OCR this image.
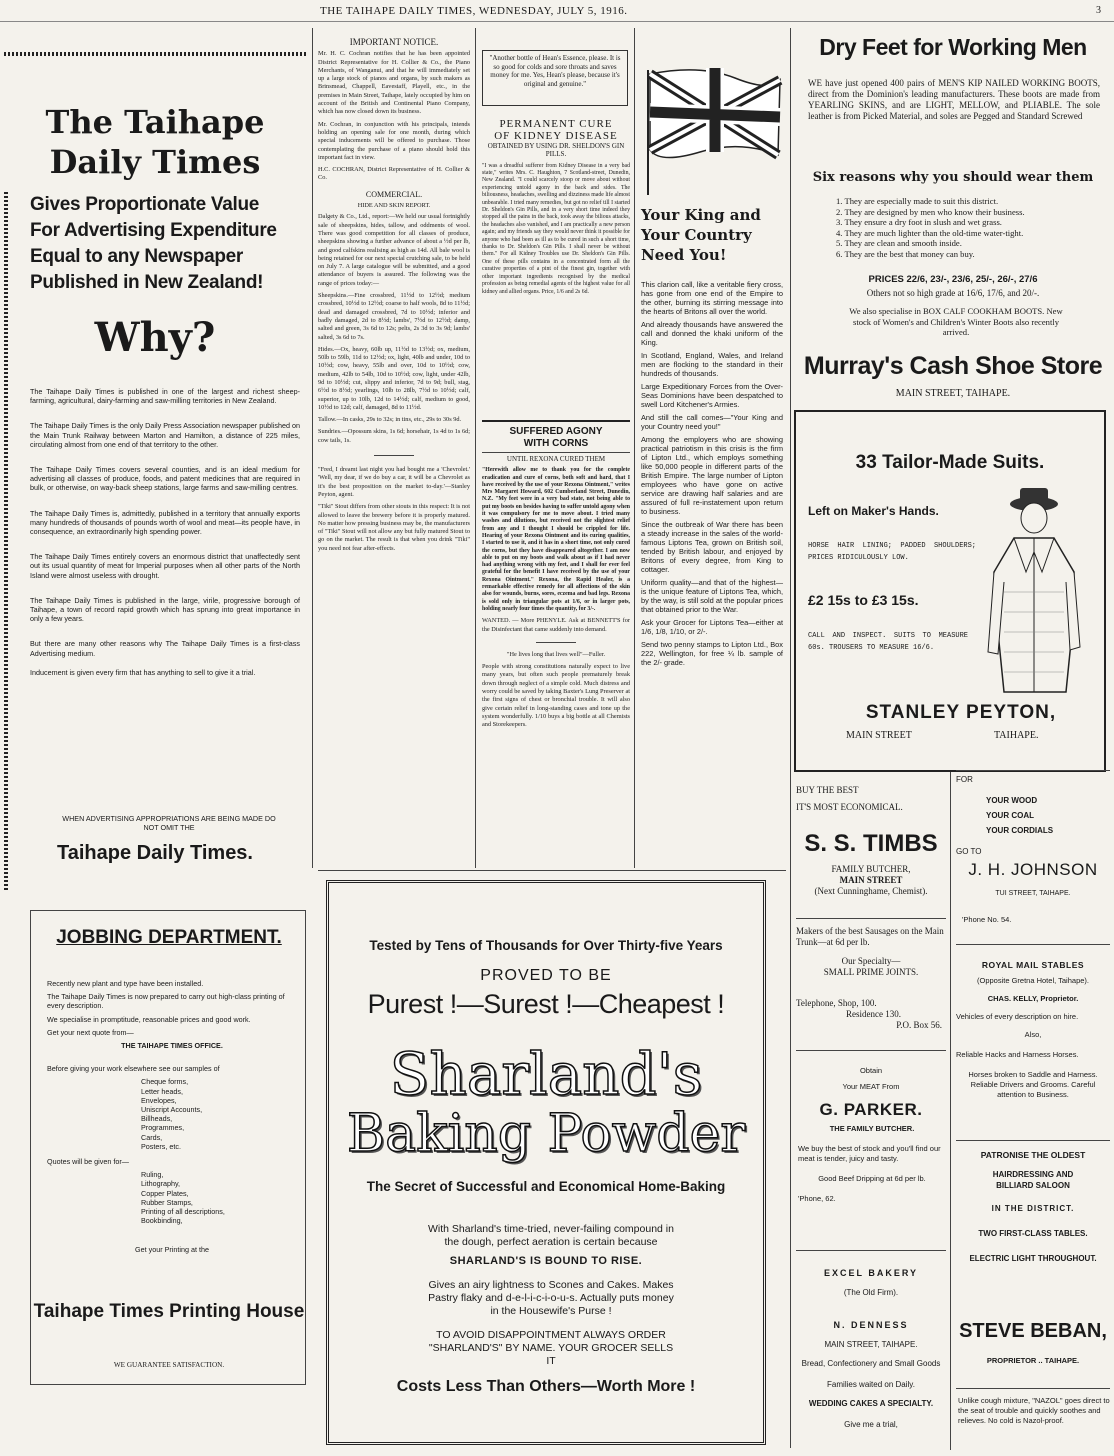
THE TAIHAPE DAILY TIMES, WEDNESDAY, JULY 5, 1916.	3
The Taihape
Daily Times
Gives Proportionate Value
For Advertising Expenditure
Equal to any Newspaper
Published in New Zealand!
Why?

The Taihape Daily Times is published in one of the largest and richest sheep-farming, agricultural, dairy-farming and saw-milling territories in New Zealand.

The Taihape Daily Times is the only Daily Press Association newspaper published on the Main Trunk Railway between Marton and Hamilton, a distance of 225 miles, circulating almost from one end of that territory to the other.

The Taihape Daily Times covers several counties, and is an ideal medium for advertising all classes of produce, foods, and patent medicines that are required in bulk, or otherwise, on way-back sheep stations, large farms and saw-milling centres.

The Taihape Daily Times is, admittedly, published in a territory that annually exports many hundreds of thousands of pounds worth of wool and meat—its people have, in consequence, an extraordinarily high spending power.

The Taihape Daily Times entirely covers an enormous district that unaffectedly sent out its usual quantity of meat for Imperial purposes when all other parts of the North Island were almost useless with drought.

The Taihape Daily Times is published in the large, virile, progressive borough of Taihape, a town of record rapid growth which has sprung into great importance in only a few years.

But there are many other reasons why The Taihape Daily Times is a first-class Advertising medium.

Inducement is given every firm that has anything to sell to give it a trial.

WHEN ADVERTISING APPROPRIATIONS ARE BEING MADE DO NOT OMIT THE
Taihape Daily Times.
JOBBING DEPARTMENT.

Recently new plant and type have been installed.

The Taihape Daily Times is now prepared to carry out high-class printing of every description.

We specialise in promptitude, reasonable prices and good work.

Get your next quote from—

THE TAIHAPE TIMES OFFICE.

Before giving your work elsewhere see our samples of

Cheque forms,
Letter heads,
Envelopes,
Uniscript Accounts,
Billheads,
Programmes,
Cards,
Posters, etc.

Quotes will be given for—

Ruling,
Lithography,
Copper Plates,
Rubber Stamps,
Printing of all descriptions,
Bookbinding,

Get your Printing at the

Taihape Times Printing House
WE GUARANTEE SATISFACTION.
IMPORTANT NOTICE.

Mr. H. C. Cochran notifies that he has been appointed District Representative for H. Collier & Co., the Piano Merchants, of Wanganui, and that he will immediately set up a large stock of pianos and organs, by such makers as Brinsmead, Chappell, Eavestaff, Playell, etc., in the premises in Main Street, Taihape, lately occupied by him on account of the British and Continental Piano Company, which has now closed down its business.

Mr. Cochran, in conjunction with his principals, intends holding an opening sale for one month, during which special inducements will be offered to purchase. Those contemplating the purchase of a piano should hold this important fact in view.

H.C. COCHRAN, District Representative of H. Collier & Co.

COMMERCIAL.
HIDE AND SKIN REPORT.

Dalgety & Co., Ltd., report:—We held our usual fortnightly sale of sheepskins, hides, tallow, and oddments of wool. There was good competition for all classes of produce, sheepskins showing a further advance of about a ½d per lb, and good calfskins realising as high as 14d. All bale wool is being retained for our next special crutching sale, to be held on July 7. A large catalogue will be submitted, and a good attendance of buyers is assured. The following was the range of prices today:—

Sheepskins.—Fine crossbred, 11½d to 12½d; medium crossbred, 10½d to 12½d; coarse to half wools, 8d to 11½d; dead and damaged crossbred, 7d to 10½d; inferior and badly damaged, 2d to 8½d; lambs', 7½d to 12½d; damp, salted and green, 3s 6d to 12s; pelts, 2s 3d to 3s 9d; lambs' salted, 3s 6d to 7s.

Hides.—Ox, heavy, 60lb up, 11½d to 13½d; ox, medium, 50lb to 59lb, 11d to 12½d; ox, light, 40lb and under, 10d to 10½d; cow, heavy, 55lb and over, 10d to 10½d; cow, medium, 42lb to 54lb, 10d to 10½d; cow, light, under 42lb, 9d to 10½d; cut, slippy and inferior, 7d to 9d; bull, stag, 6½d to 8½d; yearlings, 10lb to 28lb, 7½d to 10½d; calf, superior, up to 10lb, 12d to 14½d; calf, medium to good, 10½d to 12d; calf, damaged, 8d to 11½d.

Tallow.—In casks, 29s to 32s; in tins, etc., 29s to 30s 9d.

Sundries.—Opossum skins, 1s 6d; horsehair, 1s 4d to 1s 6d; cow tails, 1s.

"Fred, I dreamt last night you had bought me a 'Chevrolet.' 'Well, my dear, if we do buy a car, it will be a Chevrolet as it's the best proposition on the market to-day.'—Stanley Peyton, agent.

"Tiki" Stout differs from other stouts in this respect: It is not allowed to leave the brewery before it is properly matured. No matter how pressing business may be, the manufacturers of "Tiki" Stout will not allow any but fully matured Stout to go on the market. The result is that when you drink "Tiki" you need not fear after-effects.

"Another bottle of Hean's Essence, please. It is so good for colds and sore throats and saves money for me. Yes, Hean's please, because it's original and genuine."
PERMANENT CURE
OF KIDNEY DISEASE
OBTAINED BY USING DR. SHELDON'S GIN PILLS.

"I was a dreadful sufferer from Kidney Disease in a very bad state," writes Mrs. C. Haughton, 7 Scotland-street, Dunedin, New Zealand. "I could scarcely stoop or move about without experiencing untold agony in the back and sides. The biliousness, headaches, swelling and dizziness made life almost unbearable. I tried many remedies, but got no relief till I started Dr. Sheldon's Gin Pills, and in a very short time indeed they stopped all the pains in the back, took away the bilious attacks, the headaches also vanished, and I am practically a new person again; and my friends say they would never think it possible for anyone who had been as ill as to be cured in such a short time, thanks to Dr. Sheldon's Gin Pills. I shall never be without them." For all Kidney Troubles use Dr. Sheldon's Gin Pills. One of these pills contains in a concentrated form all the curative properties of a pint of the finest gin, together with other important ingredients recognised by the medical profession as being remedial agents of the highest value for all kidney and allied organs. Price, 1/6 and 2s 6d.

SUFFERED AGONY
WITH CORNS
UNTIL REXONA CURED THEM

"Herewith allow me to thank you for the complete eradication and cure of corns, both soft and hard, that I have received by the use of your Rexona Ointment," writes Mrs Margaret Howard, 602 Cumberland Street, Dunedin, N.Z. "My feet were in a very bad state, not being able to put my boots on besides having to suffer untold agony when it was compulsory for me to move about. I tried many washes and dilutions, but received not the slightest relief from any and I thought I should be crippled for life. Hearing of your Rexona Ointment and its curing qualities, I started to use it, and it has in a short time, not only cured the corns, but they have disappeared altogether. I am now able to put on my boots and walk about as if I had never had anything wrong with my feet, and I shall for ever feel grateful for the benefit I have received by the use of your Rexona Ointment." Rexona, the Rapid Healer, is a remarkable effective remedy for all affections of the skin also for wounds, burns, sores, eczema and bad legs. Rexona is sold only in triangular pots at 1/6, or in larger pots, holding nearly four times the quantity, for 3/-.

WANTED. — More PHENYLE. Ask at BENNETT'S for the Disinfectant that came suddenly into demand.

"He lives long that lives well"—Fuller.

People with strong constitutions naturally expect to live many years, but often such people prematurely break down through neglect of a simple cold. Much distress and worry could be saved by taking Baxter's Lung Preserver at the first signs of chest or bronchial trouble. It will also give certain relief in long-standing cases and tone up the system wonderfully. 1/10 buys a big bottle at all Chemists and Storekeepers.

Your King and
Your Country
Need You!

This clarion call, like a veritable fiery cross, has gone from one end of the Empire to the other, burning its stirring message into the hearts of Britons all over the world.

And already thousands have answered the call and donned the khaki uniform of the King.

In Scotland, England, Wales, and Ireland men are flocking to the standard in their hundreds of thousands.

Large Expeditionary Forces from the Over-Seas Dominions have been despatched to swell Lord Kitchener's Armies.

And still the call comes—"Your King and your Country need you!"

Among the employers who are showing practical patriotism in this crisis is the firm of Lipton Ltd., which employs something like 50,000 people in different parts of the British Empire. The large number of Lipton employees who have gone on active service are drawing half salaries and are assured of full re-instatement upon return to business.

Since the outbreak of War there has been a steady increase in the sales of the world-famous Liptons Tea, grown on British soil, tended by British labour, and enjoyed by Britons of every degree, from King to cottager.

Uniform quality—and that of the highest—is the unique feature of Liptons Tea, which, by the way, is still sold at the popular prices that obtained prior to the War.

Ask your Grocer for Liptons Tea—either at 1/6, 1/8, 1/10, or 2/-.

Send two penny stamps to Lipton Ltd., Box 222, Wellington, for free ¼ lb. sample of the 2/- grade.

Tested by Tens of Thousands for Over Thirty-five Years
PROVED TO BE
Purest !—Surest !—Cheapest !
Sharland's
Baking Powder
The Secret of Successful and Economical Home-Baking
With Sharland's time-tried, never-failing compound in the dough, perfect aeration is certain because
SHARLAND'S IS BOUND TO RISE.
Gives an airy lightness to Scones and Cakes. Makes Pastry flaky and d-e-l-i-c-i-o-u-s. Actually puts money in the Housewife's Purse !
TO AVOID DISAPPOINTMENT ALWAYS ORDER "SHARLAND'S" BY NAME. YOUR GROCER SELLS IT
Costs Less Than Others—Worth More !
Dry Feet for Working Men
WE have just opened 400 pairs of MEN'S KIP NAILED WORKING BOOTS, direct from the Dominion's leading manufacturers. These boots are made from YEARLING SKINS, and are LIGHT, MELLOW, and PLIABLE. The sole leather is from Picked Material, and soles are Pegged and Standard Screwed
Six reasons why you should wear them
1. They are especially made to suit this district.
2. They are designed by men who know their business.
3. They ensure a dry foot in slush and wet grass.
4. They are much lighter than the old-time water-tight.
5. They are clean and smooth inside.
6. They are the best that money can buy.
PRICES 22/6, 23/-, 23/6, 25/-, 26/-, 27/6
Others not so high grade at 16/6, 17/6, and 20/-.
We also specialise in BOX CALF COOKHAM BOOTS. New stock of Women's and Children's Winter Boots also recently arrived.
Murray's Cash Shoe Store
MAIN STREET, TAIHAPE.
33 Tailor-Made Suits.
Left on Maker's Hands.
HORSE HAIR LINING; PADDED SHOULDERS; PRICES RIDICULOUSLY LOW.
£2 15s to £3 15s.
CALL AND INSPECT. SUITS TO MEASURE 60s. TROUSERS TO MEASURE 16/6.
STANLEY PEYTON,
MAIN STREET	TAIHAPE.
BUY THE BEST
IT'S MOST ECONOMICAL.
S. S. TIMBS
FAMILY BUTCHER,
MAIN STREET
(Next Cunninghame, Chemist).
Makers of the best Sausages on the Main Trunk—at 6d per lb.
Our Specialty—
SMALL PRIME JOINTS.
Telephone, Shop, 100.
Residence 130.
P.O. Box 56.
Obtain
Your MEAT From
G. PARKER.
THE FAMILY BUTCHER.
We buy the best of stock and you'll find our meat is tender, juicy and tasty.
Good Beef Dripping at 6d per lb.
'Phone, 62.
EXCEL BAKERY
(The Old Firm).
N. DENNESS
MAIN STREET, TAIHAPE.
Bread, Confectionery and Small Goods
Families waited on Daily.
WEDDING CAKES A SPECIALTY.
Give me a trial,
FOR
YOUR WOOD
YOUR COAL
YOUR CORDIALS
GO TO
J. H. JOHNSON
TUI STREET, TAIHAPE.
'Phone No. 54.
ROYAL MAIL STABLES
(Opposite Gretna Hotel, Taihape).
CHAS. KELLY, Proprietor.
Vehicles of every description on hire.
Also,
Reliable Hacks and Harness Horses.
Horses broken to Saddle and Harness. Reliable Drivers and Grooms. Careful attention to Business.
PATRONISE THE OLDEST
HAIRDRESSING AND BILLIARD SALOON
IN THE DISTRICT.
TWO FIRST-CLASS TABLES.
ELECTRIC LIGHT THROUGHOUT.
STEVE BEBAN,
PROPRIETOR .. TAIHAPE.
Unlike cough mixture, "NAZOL" goes direct to the seat of trouble and quickly soothes and relieves. No cold is Nazol-proof.
